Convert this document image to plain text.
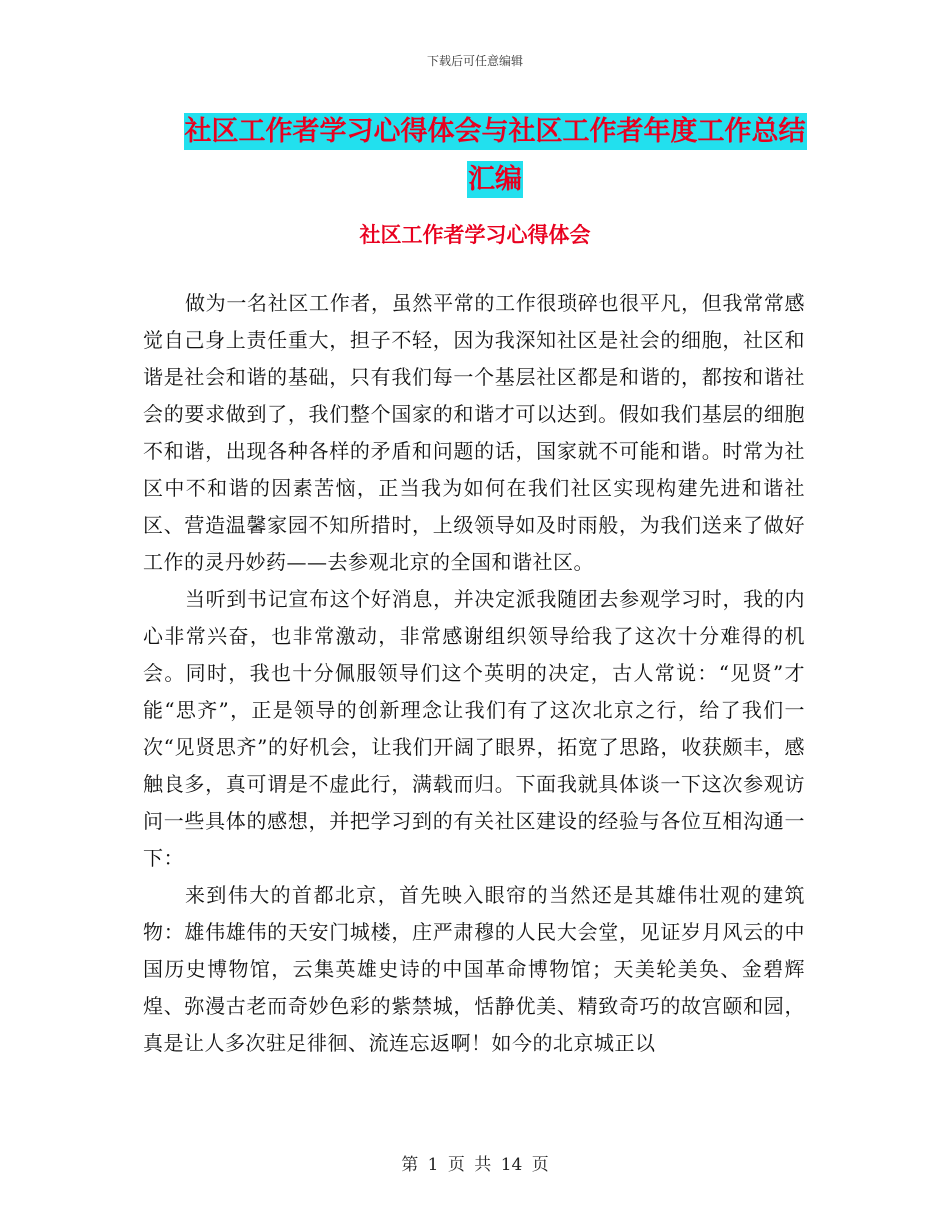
下载后可任意编辑
社区工作者学习心得体会与社区工作者年度工作总结
汇编
社区工作者学习心得体会

做为一名社区工作者，虽然平常的工作很琐碎也很平凡，但我常常感觉自己身上责任重大，担子不轻，因为我深知社区是社会的细胞，社区和谐是社会和谐的基础，只有我们每一个基层社区都是和谐的，都按和谐社会的要求做到了，我们整个国家的和谐才可以达到。假如我们基层的细胞不和谐，出现各种各样的矛盾和问题的话，国家就不可能和谐。时常为社区中不和谐的因素苦恼，正当我为如何在我们社区实现构建先进和谐社区、营造温馨家园不知所措时，上级领导如及时雨般，为我们送来了做好工作的灵丹妙药——去参观北京的全国和谐社区。

当听到书记宣布这个好消息，并决定派我随团去参观学习时，我的内心非常兴奋，也非常激动，非常感谢组织领导给我了这次十分难得的机会。同时，我也十分佩服领导们这个英明的决定，古人常说：“见贤”才能“思齐”，正是领导的创新理念让我们有了这次北京之行，给了我们一次“见贤思齐”的好机会，让我们开阔了眼界，拓宽了思路，收获颇丰，感触良多，真可谓是不虚此行，满载而归。下面我就具体谈一下这次参观访问一些具体的感想，并把学习到的有关社区建设的经验与各位互相沟通一下：

来到伟大的首都北京，首先映入眼帘的当然还是其雄伟壮观的建筑物：雄伟雄伟的天安门城楼，庄严肃穆的人民大会堂，见证岁月风云的中国历史博物馆，云集英雄史诗的中国革命博物馆；天美轮美奂、金碧辉煌、弥漫古老而奇妙色彩的紫禁城，恬静优美、精致奇巧的故宫颐和园，真是让人多次驻足徘徊、流连忘返啊！如今的北京城正以

第 1 页 共 14 页
